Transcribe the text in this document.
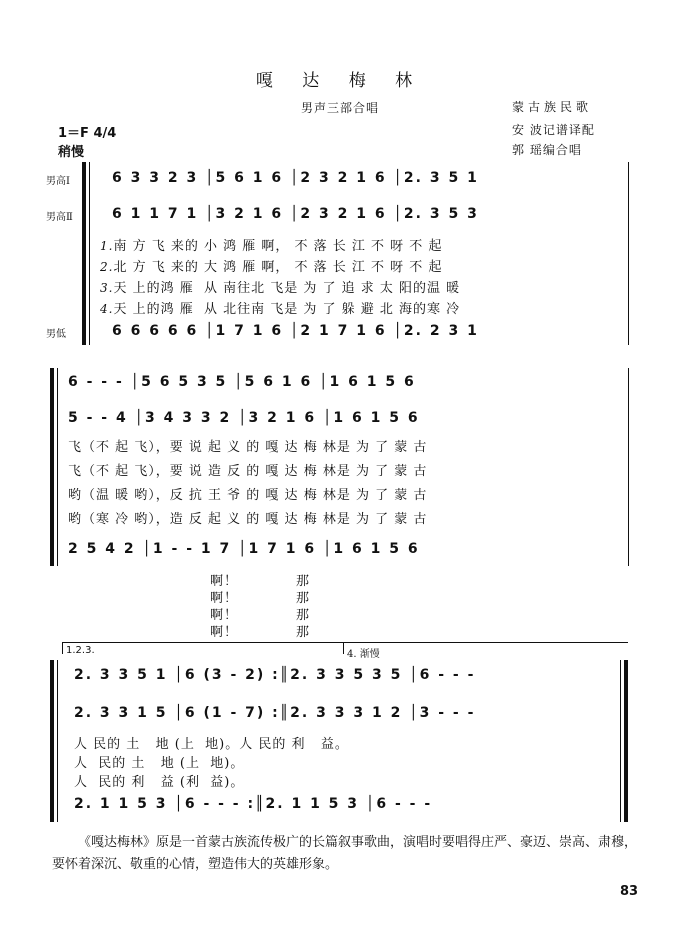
嘎 达 梅 林
男声三部合唱	蒙古族民歌
安 波记谱译配
郭 瑶编合唱
1＝F 4/4
稍慢
男高Ⅰ
男高Ⅱ
男低
6 3 3 2 3 │5 6 1 6 │2 3 2 1 6 │2. 3 5 1
6 1 1 7 1 │3 2 1 6 │2 3 2 1 6 │2. 3 5 3
1.南 方 飞 来的 小 鸿 雁 啊， 不 落 长 江 不 呀 不 起
2.北 方 飞 来的 大 鸿 雁 啊， 不 落 长 江 不 呀 不 起
3.天 上的鸿 雁  从 南往北 飞是 为 了 追 求 太 阳的温 暖
4.天 上的鸿 雁  从 北往南 飞是 为 了 躲 避 北 海的寒 冷
6 6 6 6 6 │1 7 1 6 │2 1 7 1 6 │2. 2 3 1
6 - - - │5 6 5 3 5 │5 6 1 6 │1 6 1 5 6
5 - - 4 │3 4 3 3 2 │3 2 1 6 │1 6 1 5 6
飞（不 起 飞），要 说 起 义 的 嘎 达 梅 林是 为 了 蒙 古
飞（不 起 飞），要 说 造 反 的 嘎 达 梅 林是 为 了 蒙 古
哟（温 暖 哟），反 抗 王 爷 的 嘎 达 梅 林是 为 了 蒙 古
哟（寒 冷 哟），造 反 起 义 的 嘎 达 梅 林是 为 了 蒙 古
2 5 4 2 │1 - - 1 7 │1 7 1 6 │1 6 1 5 6
啊！	那
啊！	那
啊！	那
啊！	那
1.2.3.	4. 渐慢
2. 3 3 5 1 │6 (3 - 2) :║2. 3 3 5 3 5 │6 - - -
2. 3 3 1 5 │6 (1 - 7) :║2. 3 3 3 1 2 │3 - - -
人 民的 土   地 (上  地)。人 民的 利   益。
人  民的 土   地 (上  地)。
人  民的 利   益 (利  益)。
2. 1 1 5 3 │6 - - - :║2. 1 1 5 3 │6 - - -
《嘎达梅林》原是一首蒙古族流传极广的长篇叙事歌曲，演唱时要唱得庄严、豪迈、崇高、肃穆，要怀着深沉、敬重的心情，塑造伟大的英雄形象。
83
